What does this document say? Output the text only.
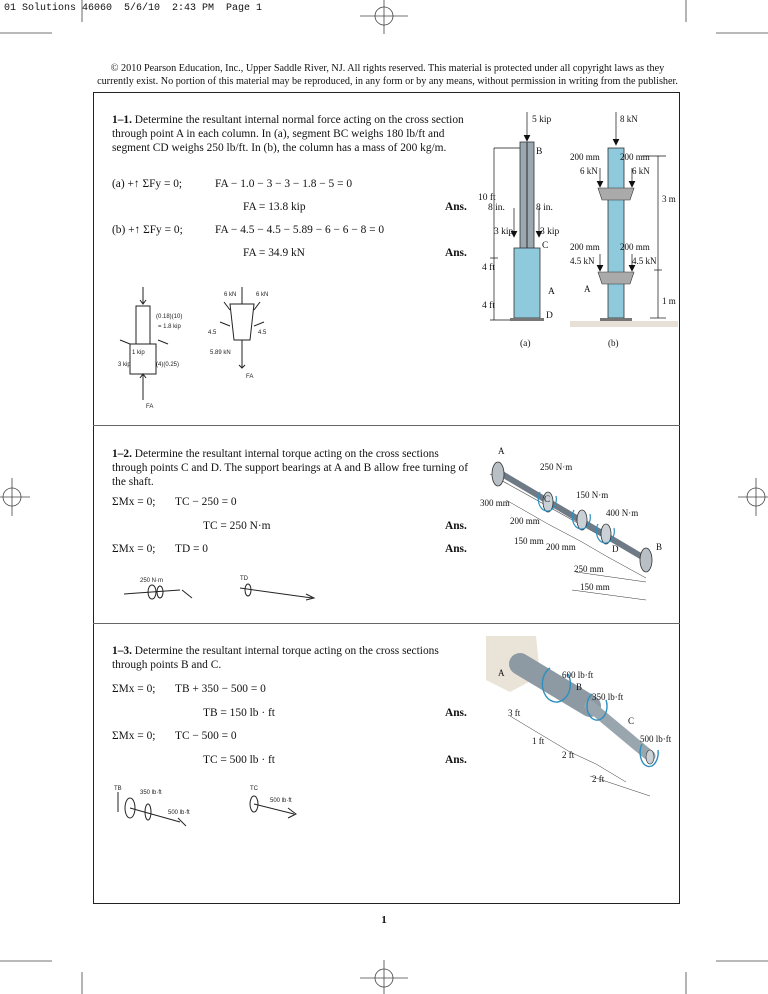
01 Solutions 46060  5/6/10  2:43 PM  Page 1
© 2010 Pearson Education, Inc., Upper Saddle River, NJ. All rights reserved. This material is protected under all copyright laws as they currently exist. No portion of this material may be reproduced, in any form or by any means, without permission in writing from the publisher.
1–1. Determine the resultant internal normal force acting on the cross section through point A in each column. In (a), segment BC weighs 180 lb/ft and segment CD weighs 250 lb/ft. In (b), the column has a mass of 200 kg/m.
(a) +↑ ΣFy = 0;	FA − 1.0 − 3 − 3 − 1.8 − 5 = 0
FA = 13.8 kip	Ans.
(b) +↑ ΣFy = 0;	FA − 4.5 − 4.5 − 5.89 − 6 − 6 − 8 = 0
FA = 34.9 kN	Ans.
(0.18)(10)
= 1.8 kip
1 kip
3 kip	(4)(0.25)
FA
6 kN	6 kN
4.5	4.5
5.89 kN
FA
5 kip
B
10 ft
8 in.	8 in.
3 kip	3 kip
C
4 ft
A
4 ft
D
(a)
8 kN
200 mm 200 mm
6 kN	6 kN
3 m
200 mm 200 mm
4.5 kN	4.5 kN
A
1 m
(b)
1–2. Determine the resultant internal torque acting on the cross sections through points C and D. The support bearings at A and B allow free turning of the shaft.
ΣMx = 0; TC − 250 = 0
TC = 250 N·m	Ans.
ΣMx = 0; TD = 0	Ans.
250 N·m	TD
A
250 N·m
300 mm	C	150 N·m
400 N·m
200 mm
150 mm
200 mm	D	B
250 mm
150 mm
1–3. Determine the resultant internal torque acting on the cross sections through points B and C.
ΣMx = 0; TB + 350 − 500 = 0
TB = 150 lb · ft	Ans.
ΣMx = 0; TC − 500 = 0
TC = 500 lb · ft	Ans.
350 lb·ft
500 lb·ft
500 lb·ft
TC
TB
A	600 lb·ft
B
350 lb·ft
3 ft
C
500 lb·ft
1 ft
2 ft
2 ft
1
